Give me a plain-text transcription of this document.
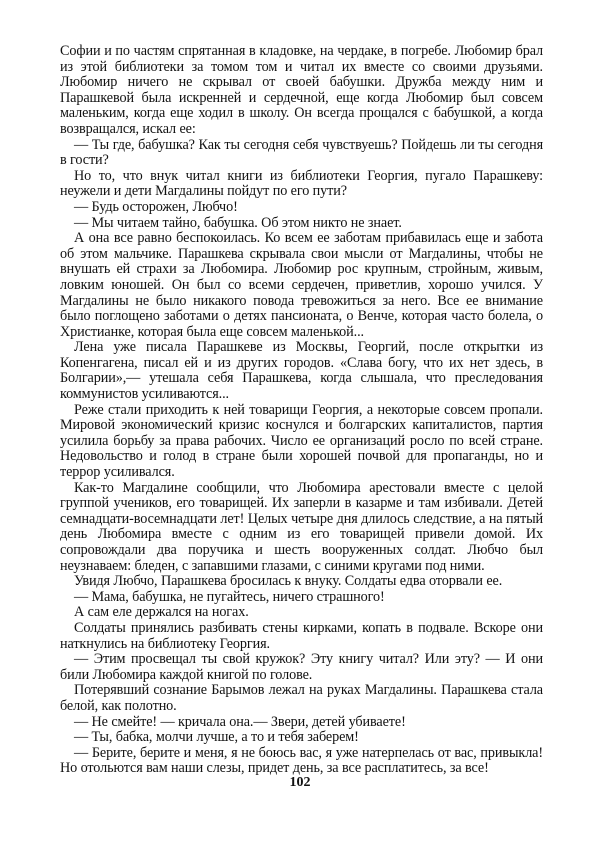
Софии и по частям спрятанная в кладовке, на чердаке, в погребе. Любомир брал из этой библиотеки за томом том и читал их вместе со своими друзьями. Любомир ничего не скрывал от своей бабушки. Дружба между ним и Парашкевой была искренней и сердечной, еще когда Любомир был совсем маленьким, когда еще ходил в школу. Он всегда прощался с бабушкой, а когда возвращался, искал ее:

— Ты где, бабушка? Как ты сегодня себя чувствуешь? Пойдешь ли ты сегодня в гости?

Но то, что внук читал книги из библиотеки Георгия, пугало Парашкеву: неужели и дети Магдалины пойдут по его пути?

— Будь осторожен, Любчо!

— Мы читаем тайно, бабушка. Об этом никто не знает.

А она все равно беспокоилась. Ко всем ее заботам прибавилась еще и забота об этом мальчике. Парашкева скрывала свои мысли от Магдалины, чтобы не внушать ей страхи за Любомира. Любомир рос крупным, стройным, живым, ловким юношей. Он был со всеми сердечен, приветлив, хорошо учился. У Магдалины не было никакого повода тревожиться за него. Все ее внимание было поглощено заботами о детях пансионата, о Венче, которая часто болела, о Христианке, которая была еще совсем маленькой...

Лена уже писала Парашкеве из Москвы, Георгий, после открытки из Копенгагена, писал ей и из других городов. «Слава богу, что их нет здесь, в Болгарии»,— утешала себя Парашкева, когда слышала, что преследования коммунистов усиливаются...

Реже стали приходить к ней товарищи Георгия, а некоторые совсем пропали. Мировой экономический кризис коснулся и болгарских капиталистов, партия усилила борьбу за права рабочих. Число ее организаций росло по всей стране. Недовольство и голод в стране были хорошей почвой для пропаганды, но и террор усиливался.

Как-то Магдалине сообщили, что Любомира арестовали вместе с целой группой учеников, его товарищей. Их заперли в казарме и там избивали. Детей семнадцати-восемнадцати лет! Целых четыре дня длилось следствие, а на пятый день Любомира вместе с одним из его товарищей привели домой. Их сопровождали два поручика и шесть вооруженных солдат. Любчо был неузнаваем: бледен, с запавшими глазами, с синими кругами под ними.

Увидя Любчо, Парашкева бросилась к внуку. Солдаты едва оторвали ее.

— Мама, бабушка, не пугайтесь, ничего страшного!

А сам еле держался на ногах.

Солдаты принялись разбивать стены кирками, копать в подвале. Вскоре они наткнулись на библиотеку Георгия.

— Этим просвещал ты свой кружок? Эту книгу читал? Или эту? — И они били Любомира каждой книгой по голове.

Потерявший сознание Барымов лежал на руках Магдалины. Парашкева стала белой, как полотно.

— Не смейте! — кричала она.— Звери, детей убиваете!

— Ты, бабка, молчи лучше, а то и тебя заберем!

— Берите, берите и меня, я не боюсь вас, я уже натерпелась от вас, привыкла! Но отольются вам наши слезы, придет день, за все расплатитесь, за все!

102
